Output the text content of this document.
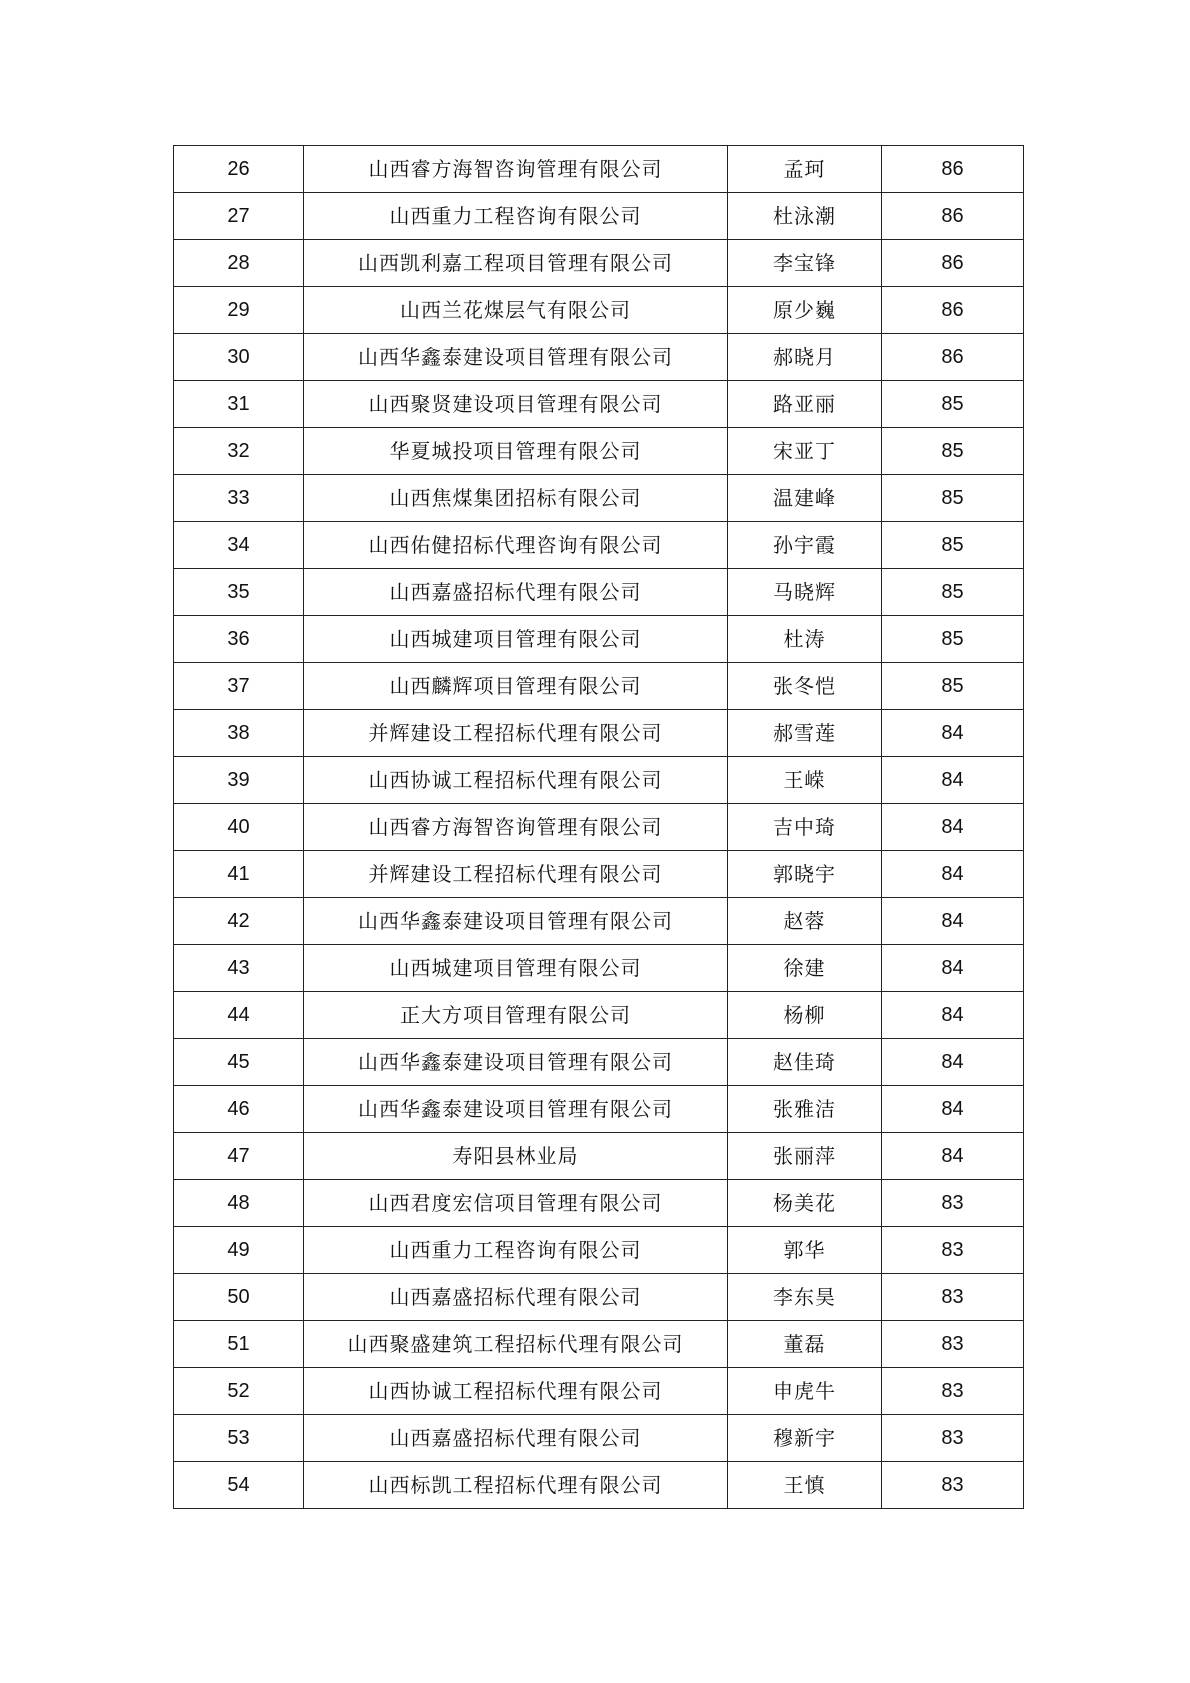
26	山西睿方海智咨询管理有限公司	孟珂	86
27	山西重力工程咨询有限公司	杜泳潮	86
28	山西凯利嘉工程项目管理有限公司	李宝锋	86
29	山西兰花煤层气有限公司	原少巍	86
30	山西华鑫泰建设项目管理有限公司	郝晓月	86
31	山西聚贤建设项目管理有限公司	路亚丽	85
32	华夏城投项目管理有限公司	宋亚丁	85
33	山西焦煤集团招标有限公司	温建峰	85
34	山西佑健招标代理咨询有限公司	孙宇霞	85
35	山西嘉盛招标代理有限公司	马晓辉	85
36	山西城建项目管理有限公司	杜涛	85
37	山西麟辉项目管理有限公司	张冬恺	85
38	并辉建设工程招标代理有限公司	郝雪莲	84
39	山西协诚工程招标代理有限公司	王嵘	84
40	山西睿方海智咨询管理有限公司	吉中琦	84
41	并辉建设工程招标代理有限公司	郭晓宇	84
42	山西华鑫泰建设项目管理有限公司	赵蓉	84
43	山西城建项目管理有限公司	徐建	84
44	正大方项目管理有限公司	杨柳	84
45	山西华鑫泰建设项目管理有限公司	赵佳琦	84
46	山西华鑫泰建设项目管理有限公司	张雅洁	84
47	寿阳县林业局	张丽萍	84
48	山西君度宏信项目管理有限公司	杨美花	83
49	山西重力工程咨询有限公司	郭华	83
50	山西嘉盛招标代理有限公司	李东昊	83
51	山西聚盛建筑工程招标代理有限公司	董磊	83
52	山西协诚工程招标代理有限公司	申虎牛	83
53	山西嘉盛招标代理有限公司	穆新宇	83
54	山西标凯工程招标代理有限公司	王慎	83
